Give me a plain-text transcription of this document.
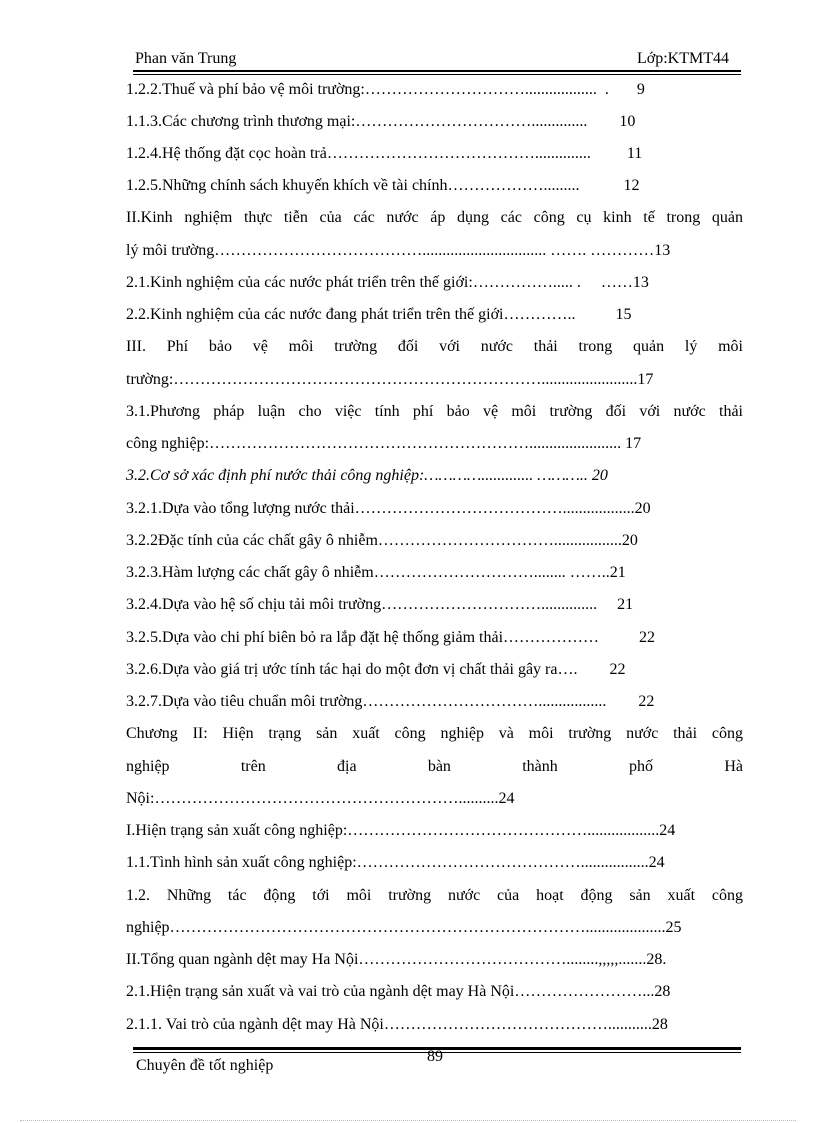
Phan văn Trung	Lớp:KTMT44
1.2.2.Thuế và phí bảo vệ môi trường:…………………………..................  .       9
1.1.3.Các chương trình thương mại:……………………………..............        10
1.2.4.Hệ thống đặt cọc hoàn trả…………………………………..............         11
1.2.5.Những chính sách khuyến khích về tài chính……………….........           12
II.Kinh nghiệm thực tiễn của các nước áp dụng các công cụ kinh tế trong quản
lý môi trường…………………………………............................... ……. …………13
2.1.Kinh nghiệm của các nước phát triển trên thế giới:……………..... .     ……13
2.2.Kinh nghiệm của các nước đang phát triển trên thế giới…………..          15
III. Phí bảo vệ môi trường đối với nước thải trong quản lý môi
trường:……………………………………………………………........................17
3.1.Phương pháp luận cho việc tính phí bảo vệ môi trường đối với nước thải
công nghiệp:……………………………………………………....................... 17
3.2.Cơ sở xác định phí nước thải công nghiệp:…………............. ……….. 20
3.2.1.Dựa vào tổng lượng nước thải…………………………………..................20
3.2.2Đặc tính của các chất gây ô nhiễm…………………………….................20
3.2.3.Hàm lượng các chất gây ô nhiễm…………………………........ ……..21
3.2.4.Dựa vào hệ số chịu tải môi trường…………………………..............     21
3.2.5.Dựa vào chi phí biên bỏ ra lắp đặt hệ thống giảm thải………………          22
3.2.6.Dựa vào giá trị ước tính tác hại do một đơn vị chất thải gây ra….        22
3.2.7.Dựa vào tiêu chuẩn môi trường…………………………….................        22
Chương II: Hiện trạng sản xuất công nghiệp và môi trường nước thải công
nghiệp trên địa bàn thành phố Hà
Nội:…………………………………………………..........24
I.Hiện trạng sản xuất công nghiệp:………………………………………..................24
1.1.Tình hình sản xuất công nghiệp:…………………………………….................24
1.2. Những tác động tới môi trường nước của hoạt động sản xuất công
nghiệp……………………………………………………………………....................25
II.Tổng quan ngành dệt may Ha Nội…………………………………........,,,,,.......28.
2.1.Hiện trạng sản xuất và vai trò của ngành dệt may Hà Nội……………………...28
2.1.1. Vai trò của ngành dệt may Hà Nội……………………………………...........28
89
Chuyên đề tốt nghiệp
